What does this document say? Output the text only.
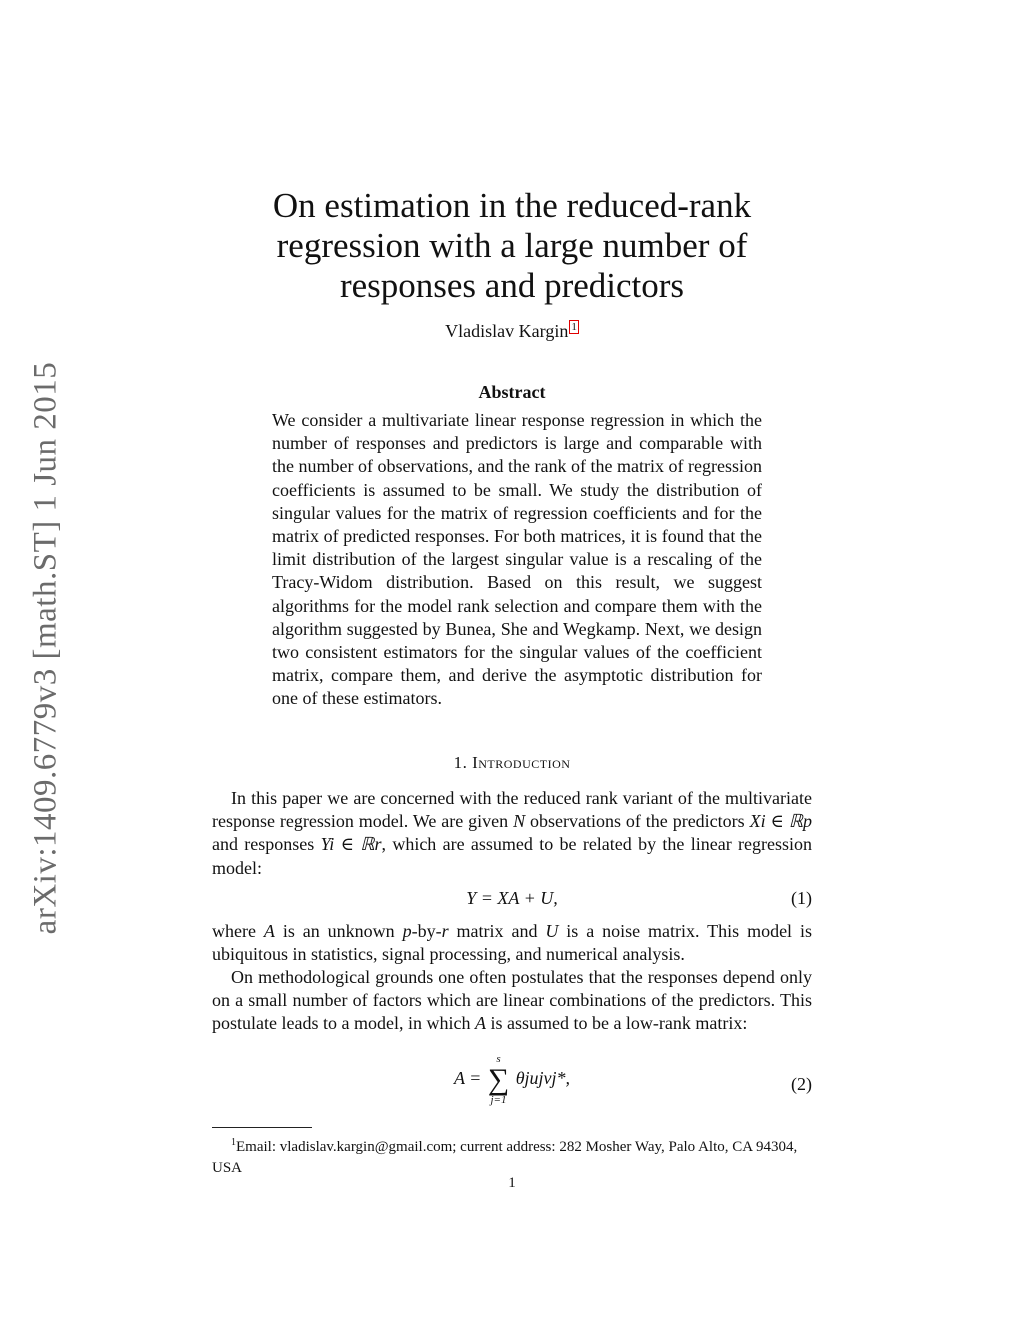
arXiv:1409.6779v3 [math.ST] 1 Jun 2015
On estimation in the reduced-rank regression with a large number of responses and predictors
Vladislav Kargin $^1$
Abstract
We consider a multivariate linear response regression in which the number of responses and predictors is large and comparable with the number of observations, and the rank of the matrix of regression coefficients is assumed to be small. We study the distribution of singular values for the matrix of regression coefficients and for the matrix of predicted responses. For both matrices, it is found that the limit distribution of the largest singular value is a rescaling of the Tracy-Widom distribution. Based on this result, we suggest algorithms for the model rank selection and compare them with the algorithm suggested by Bunea, She and Wegkamp. Next, we design two consistent estimators for the singular values of the coefficient matrix, compare them, and derive the asymptotic distribution for one of these estimators.
1. Introduction

In this paper we are concerned with the reduced rank variant of the multivariate response regression model. We are given N observations of the predictors Xi ∈ ℝp and responses Yi ∈ ℝr, which are assumed to be related by the linear regression model:

Y = XA + U,	(1)

where A is an unknown p-by-r matrix and U is a noise matrix. This model is ubiquitous in statistics, signal processing, and numerical analysis.

On methodological grounds one often postulates that the responses depend only on a small number of factors which are linear combinations of the predictors. This postulate leads to a model, in which A is assumed to be a low-rank matrix:

A =
s
∑
j=1
θjujvj*,	(2)
$^1$Email: vladislav.kargin@gmail.com; current address: 282 Mosher Way, Palo Alto, CA 94304, USA
1
